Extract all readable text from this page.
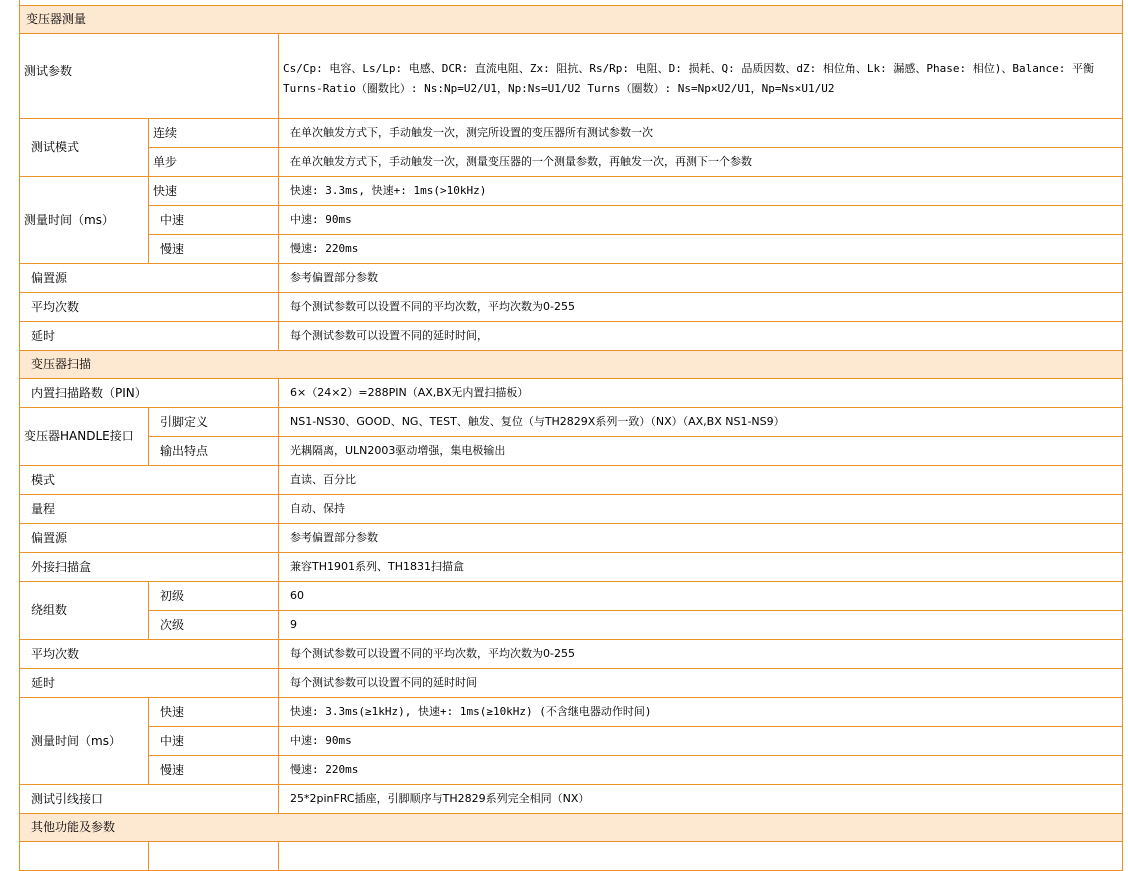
变压器测量		
测试参数		Cs/Cp: 电容、Ls/Lp: 电感、DCR: 直流电阻、Zx: 阻抗、Rs/Rp: 电阻、D: 损耗、Q: 品质因数、dZ: 相位角、Lk: 漏感、Phase: 相位)、Balance: 平衡
Turns-Ratio（圈数比）: Ns:Np=U2/U1，Np:Ns=U1/U2 Turns（圈数）: Ns=Np×U2/U1，Np=Ns×U1/U2

测试模式	连续	在单次触发方式下，手动触发一次，测完所设置的变压器所有测试参数一次
	单步	在单次触发方式下，手动触发一次，测量变压器的一个测量参数，再触发一次，再测下一个参数
测量时间（ms）	快速	快速: 3.3ms, 快速+: 1ms(>10kHz)
	中速	中速: 90ms
	慢速	慢速: 220ms
偏置源		参考偏置部分参数
平均次数		每个测试参数可以设置不同的平均次数，平均次数为0-255
延时		每个测试参数可以设置不同的延时时间，
变压器扫描		
内置扫描路数（PIN）		6×（24×2）=288PIN（AX,BX无内置扫描板）
变压器HANDLE接口	引脚定义	NS1-NS30、GOOD、NG、TEST、触发、复位（与TH2829X系列一致）（NX）（AX,BX NS1-NS9）
	输出特点	光耦隔离，ULN2003驱动增强，集电极输出
模式		直读、百分比
量程		自动、保持
偏置源		参考偏置部分参数
外接扫描盒		兼容TH1901系列、TH1831扫描盒
绕组数	初级	60
	次级	9
平均次数		每个测试参数可以设置不同的平均次数，平均次数为0-255
延时		每个测试参数可以设置不同的延时时间
测量时间（ms）	快速	快速: 3.3ms(≥1kHz), 快速+: 1ms(≥10kHz) (不含继电器动作时间)
	中速	中速: 90ms
	慢速	慢速: 220ms
测试引线接口		25*2pinFRC插座，引脚顺序与TH2829系列完全相同（NX）
其他功能及参数		
